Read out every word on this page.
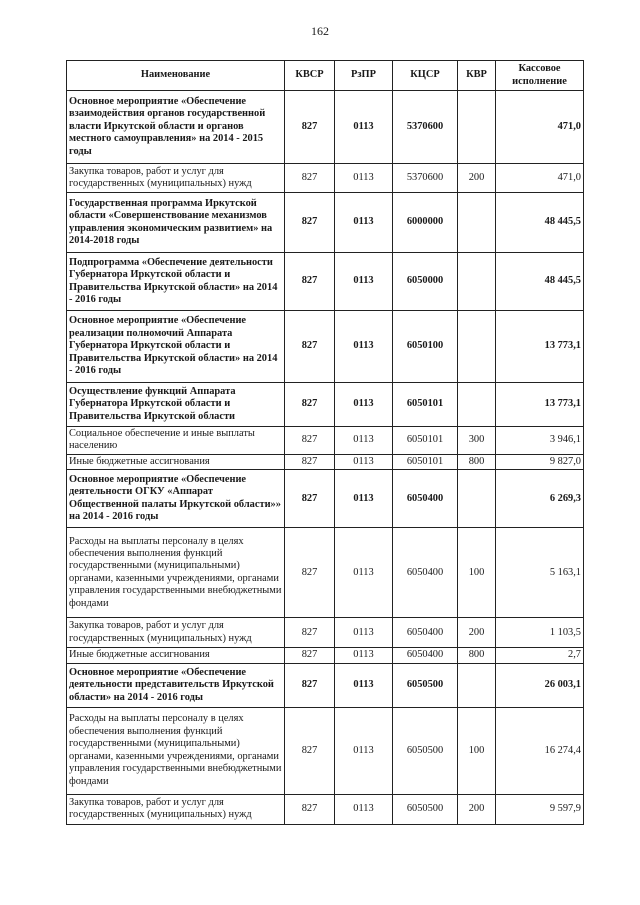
162
Наименование	КВСР	РзПР	КЦСР	КВР	Кассовое исполнение
Основное мероприятие «Обеспечение взаимодействия органов государственной власти Иркутской области и органов местного самоуправления» на 2014 - 2015 годы	827	0113	5370600		471,0
Закупка товаров, работ и услуг для государственных (муниципальных) нужд	827	0113	5370600	200	471,0
Государственная программа Иркутской области «Совершенствование механизмов управления экономическим развитием» на 2014-2018 годы	827	0113	6000000		48 445,5
Подпрограмма «Обеспечение деятельности Губернатора Иркутской области и Правительства Иркутской области» на 2014 - 2016 годы	827	0113	6050000		48 445,5
Основное мероприятие «Обеспечение реализации полномочий Аппарата Губернатора Иркутской области и Правительства Иркутской области» на 2014 - 2016 годы	827	0113	6050100		13 773,1
Осуществление функций Аппарата Губернатора Иркутской области и Правительства Иркутской области	827	0113	6050101		13 773,1
Социальное обеспечение и иные выплаты населению	827	0113	6050101	300	3 946,1
Иные бюджетные ассигнования	827	0113	6050101	800	9 827,0
Основное мероприятие «Обеспечение деятельности ОГКУ «Аппарат Общественной палаты Иркутской области»» на 2014 - 2016 годы	827	0113	6050400		6 269,3
Расходы на выплаты персоналу в целях обеспечения выполнения функций государственными (муниципальными) органами, казенными учреждениями, органами управления государственными внебюджетными фондами	827	0113	6050400	100	5 163,1
Закупка товаров, работ и услуг для государственных (муниципальных) нужд	827	0113	6050400	200	1 103,5
Иные бюджетные ассигнования	827	0113	6050400	800	2,7
Основное мероприятие «Обеспечение деятельности представительств Иркутской области» на 2014 - 2016 годы	827	0113	6050500		26 003,1
Расходы на выплаты персоналу в целях обеспечения выполнения функций государственными (муниципальными) органами, казенными учреждениями, органами управления государственными внебюджетными фондами	827	0113	6050500	100	16 274,4
Закупка товаров, работ и услуг для государственных (муниципальных) нужд	827	0113	6050500	200	9 597,9
